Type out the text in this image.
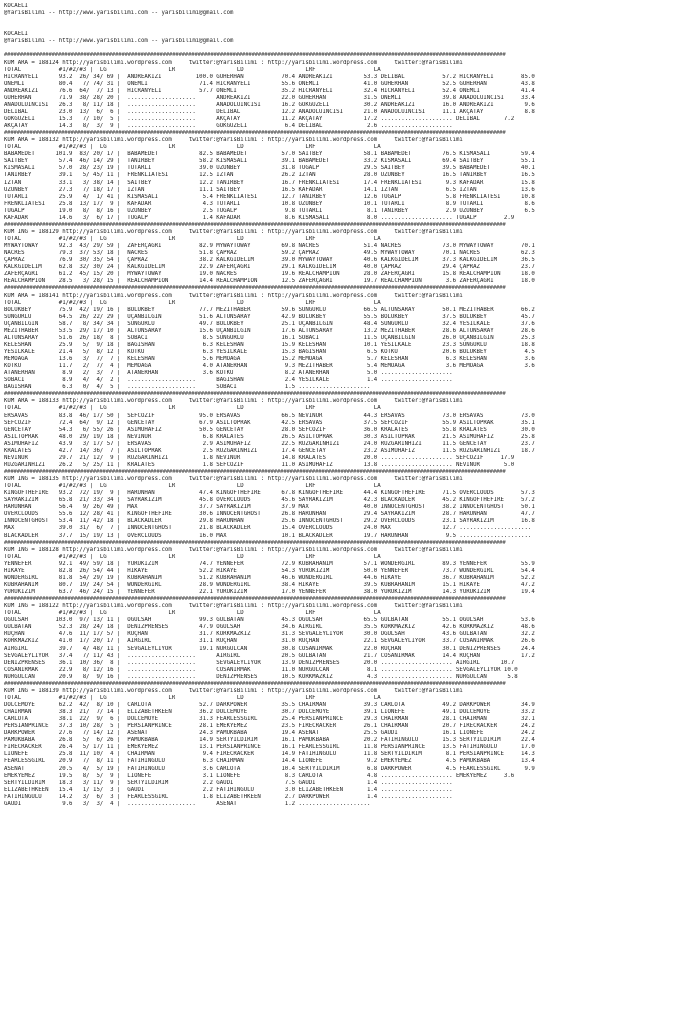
KOCAELI
@YarisBilimi -- http://www.yarisbilimi.com -- yarisbilimi@gmail.com
KOCAELI
@YarisBilimi -- http://www.yarisbilimi.com -- yarisbilimi@gmail.com
##############################################################################################################################################################
KUM ARA = 188124 http://yarisbilimi.wordpress.com     twitter:@YarisBilimi : http://yarisbilimi.wordpress.com     twitter:@YarisBilimi
TOTAL           #1/#2/#3 |  LG                  LR                  LD                  LRF                 LA
HICRANYELI      93.2  26/ 34/ 69 |  ANDREAKIZI          100.0 GÜHERHAN           70.4 ANDREAKIZI         53.3 DELIBAL           57.2 HICRANYELI        85.0
ÖNEMLI          80.4   7/ 74/ 31 |  ÖNEMLI               71.4 HICRANYELI         55.6 ÖNEMLI             41.0 GÜHERHAN          52.5 GÜHERHAN          43.8
ANDREAKIZI      76.6  64/  7/ 13 |  HICRANYELI           57.7 ÖNEMLI             35.2 HICRANYELI         32.4 HICRANYELI        52.4 ÖNEMLI            41.4
GÜHERHAN        71.9  38/ 28/ 20 |  ....................      ANDREAKIZI         22.0 GÜHERHAN           31.5 ÖNEMLI            39.8 ANADOLUINCISI     33.4
ANADOLUINCISI   26.3   8/ 11/ 18 |  ....................      ANADOLUINCISI      16.2 GÖKGÜZELI          30.2 ANDREAKIZI        16.0 ANDREAKIZI         9.6
DELIBAL         23.0  13/  6/  6 |  ....................      DELIBAL            12.2 ANADOLUINCISI      21.0 ANADOLUINCISI     11.1 AKÇATAY            8.8
GÖKGÜZELI       15.3   7/ 10/  5 |  ....................      AKÇATAY            11.2 AKÇATAY            17.2 ..................... DELIBAL       7.2
AKÇATAY         14.3   8/  3/  9 |  ....................      GÖKGÜZELI           6.4 DELIBAL             2.6 .....................
##############################################################################################################################################################
KUM ARA = 188132 http://yarisbilimi.wordpress.com     twitter:@YarisBilimi : http://yarisbilimi.wordpress.com     twitter:@YarisBilimi
TOTAL           #1/#2/#3 |  LG                  LR                  LD                  LRF                 LA
BABAMEDET      101.9  83/ 20/ 17 |  BABAMEDET            82.5 BABAMEDET          57.0 SAITBEY            58.1 BABAMEDET         76.5 KISMASALI         59.4
SAITBEY         57.4  46/ 14/ 29 |  TANIRBEY             58.2 KISMASALI          39.1 BABAMEDET          33.2 KISMASALI         69.4 SAITBEY           55.1
KISMASALI       57.0  28/ 23/ 19 |  TUTARLI              39.0 UZUNBEY            31.8 TUGALP             29.5 SAITBEY           39.5 BABAMEDET         40.1
TANIRBEY        39.1   5/ 45/ 11 |  FRENKLIATESI         12.5 IZTAN              26.2 IZTAN              28.0 UZUNBEY           16.5 TANIRBEY          16.5
IZTAN           33.1   3/ 38/ 14 |  SAITBEY              12.2 TANIRBEY           16.7 FRENKLIATESI       17.4 FRENKLIATESI       9.3 KAFADAR           15.8
UZUNBEY         27.3   7/ 18/ 17 |  IZTAN                11.1 SAITBEY            16.5 KAFADAR            14.1 IZTAN              6.5 IZTAN             13.6
TUTARLI         25.9   4/  1/ 41 |  KISMASALI             5.4 FRENKLIATESI       12.7 TANIRBEY           12.6 TUGALP             5.8 FRENKLIATESI      10.8
FRENKLIATESI    25.8  13/ 17/  9 |  KAFADAR               4.3 TUTARLI            10.8 UZUNBEY            10.1 TUTARLI            8.9 TUTARLI            8.6
TUGALP          19.0   8/  8/ 16 |  UZUNBEY               2.5 TUGALP              9.8 TUTARLI             8.1 TANIRBEY           2.9 UZUNBEY            6.5
KAFADAR         14.6   3/  6/ 17 |  TUGALP                1.4 KAFADAR             8.6 KISMASALI           8.0 ..................... TUGALP        2.9
##############################################################################################################################################################
KUM ING = 188129 http://yarisbilimi.wordpress.com     twitter:@YarisBilimi : http://yarisbilimi.wordpress.com     twitter:@YarisBilimi
TOTAL           #1/#2/#3 |  LG                  LR                  LD                  LRF                 LA
MYWAYTOWAY      92.3  43/ 29/ 59 |  ZAFERÇAGRI           82.9 MYWAYTOWAY         69.8 NACRES             51.4 NACRES            73.0 MYWAYTOWAY        70.1
NACRES          79.3  37/ 53/ 18 |  NACRES               51.8 ÇAPRAZ             59.2 ÇAPRAZ             49.5 MYWAYTOWAY        70.1 NACRES            62.3
ÇAPRAZ          76.9  30/ 35/ 54 |  ÇAPRAZ               38.2 KALKGIDELIM        39.0 MYWAYTOWAY         40.6 KALKGIDELIM       37.3 KALKGIDELIM       36.5
KALKGIDELIM     62.8  32/ 30/ 24 |  KALKGIDELIM          22.9 ZAFERÇAGRI         29.1 KALKGIDELIM        40.0 ÇAPRAZ            29.4 ÇAPRAZ            23.7
ZAFERÇAGRI      61.2  45/ 15/ 20 |  MYWAYTOWAY           19.0 NACRES             19.6 REALCHAMPION       28.0 ZAFERÇAGRI        15.8 REALCHAMPION      18.0
REALCHAMPION    28.5   3/ 28/ 15 |  REALCHAMPION         14.4 REALCHAMPION       12.5 ZAFERÇAGRI         19.7 REALCHAMPION       3.6 ZAFERÇAGRI        18.0
##############################################################################################################################################################
KUM ARA = 188141 http://yarisbilimi.wordpress.com     twitter:@YarisBilimi : http://yarisbilimi.wordpress.com     twitter:@YarisBilimi
TOTAL           #1/#2/#3 |  LG                  LR                  LD                  LRF                 LA
BÖLÜKBEY        75.9  42/ 19/ 16 |  BÖLÜKBEY             77.7 MEZITHABER         59.6 SUNGURLU           66.5 ALTUNSARAY        50.1 MEZITHABER        66.2
SUNGURLU        64.5  26/ 22/ 29 |  UÇANBILGIN           51.6 ALTUNSARAY         42.9 BÖLÜKBEY           55.5 BÖLÜKBEY          37.5 BÖLÜKBEY          45.7
UÇANBILGIN      58.7   8/ 34/ 34 |  SUNGURLU             49.7 BÖLÜKBEY           25.1 UÇANBILGIN         48.4 SUNGURLU          32.4 YESILKALE         37.6
MEZITHABER      53.5  29/ 17/ 10 |  ALTUNSARAY           15.6 UÇANBILGIN         17.6 ALTUNSARAY         13.2 MEZITHABER        28.6 ALTUNSARAY        28.6
ALTUNSARAY      51.6  26/ 18/  8 |  SOBACI                8.5 SUNGURLU           16.1 SOBACI             11.5 UÇANBILGIN        26.0 UÇANBILGIN        25.3
KELESHAN        25.9   5/  9/ 18 |  BAGISHAN              6.3 KELESHAN           15.9 KELESHAN           10.1 YESILKALE         23.3 SUNGURLU          18.8
YESILKALE       21.4   5/  8/ 12 |  KOTKU                 6.3 YESILKALE          15.3 BAGISHAN            6.5 KOTKU             20.6 BÖLÜKBEY           4.5
MEMOAGA         13.6   3/  7/  7 |  KELESHAN              5.6 MEMOAGA            15.2 MEMOAGA             5.7 KELESHAN           6.3 KELESHAN           3.6
KOTKU           11.7   2/  7/  4 |  MEMOAGA               4.0 ATANERHAN           9.3 MEZITHABER          5.4 MEMOAGA            3.6 MEMOAGA            3.6
ATANERHAN        8.9   2/  3/  7 |  ATANERHAN             3.6 KOTKU               8.2 ATANERHAN           5.0 .....................
SOBACI           8.9   4/  4/  2 |  ....................      BAGISHAN            2.4 YESILKALE           1.4 .....................
BAGISHAN         6.3   0/  4/  5 |  ....................      SOBACI              1.5 .....................
##############################################################################################################################################################
KUM ARA = 188133 http://yarisbilimi.wordpress.com     twitter:@YarisBilimi : http://yarisbilimi.wordpress.com     twitter:@YarisBilimi
TOTAL           #1/#2/#3 |  LG                  LR                  LD                  LRF                 LA
ERSAVAS         83.8  46/ 17/ 50 |  SEFCOZIF             95.0 ERSAVAS            66.5 NEVINUR            44.3 ERSAVAS           73.0 ERSAVAS           73.0
SEFCOZIF        72.4  64/  9/ 12 |  GENCETAY             67.9 ASILTOPRAK         42.5 ERSAVAS            37.5 SEFCOZIF          55.9 ASILTOPRAK        35.1
GENCETAY        54.3   6/ 55/ 26 |  ASIMUHAFIZ           50.5 GENCETAY           28.0 SEFCOZIF           36.0 KRALATES          55.8 KRALATES          30.0
ASILTOPRAK      48.0  29/ 19/ 18 |  NEVINUR               6.8 KRALATES           26.5 ASILTOPRAK         30.3 ASILTOPRAK        21.5 ASIMUHAFIZ        25.8
ASIMUHAFIZ      43.9   3/ 17/ 57 |  ERSAVAS               2.9 ASIMUHAFIZ         22.5 RÜZGARINHIZI       24.0 RÜZGARINHIZI      11.5 GENCETAY          23.7
KRALATES        42.7  14/ 36/  7 |  ASILTOPRAK            2.5 RÜZGARINHIZI       17.4 GENCETAY           23.2 ASIMUHAFIZ        11.5 RÜZGARINHIZI      18.7
NEVINUR         29.7  21/ 12/  9 |  RÜZGARINHIZI          1.8 NEVINUR            14.8 KRALATES           20.0 ..................... SEFCOZIF     17.9
RÜZGARINHIZI    26.2   5/ 25/ 11 |  KRALATES              1.8 SEFCOZIF           11.0 ASIMUHAFIZ         13.8 ..................... NEVINUR       5.0
##############################################################################################################################################################
KUM ING = 188135 http://yarisbilimi.wordpress.com     twitter:@YarisBilimi : http://yarisbilimi.wordpress.com     twitter:@YarisBilimi
TOTAL           #1/#2/#3 |  LG                  LR                  LD                  LRF                 LA
KINGOFTHEFIRE   93.2  72/ 19/  9 |  HARUNHAN             47.4 KINGOFTHEFIRE      67.8 KINGOFTHEFIRE      44.4 KINGOFTHEFIRE     71.5 OVERCLOUDS        57.3
SAYRAKIZIM      65.8  21/ 33/ 34 |  SAYRAKIZIM           45.8 OVERCLOUDS         45.6 SAYRAKIZIM         42.3 BLACKADLER        45.2 KINGOFTHEFIRE     57.2
HARUNHAN        56.4   9/ 26/ 49 |  MAX                  37.7 SAYRAKIZIM         37.9 MAX                40.0 INNOCENTGHOST     38.2 INNOCENTGHOST     50.1
OVERCLOUDS      55.6  12/ 28/ 41 |  KINGOFTHEFIRE        30.6 INNOCENTGHOST      26.8 HARUNHAN           29.4 SAYRAKIZIM        28.7 HARUNHAN          47.7
INNOCENTGHOST   53.4  11/ 42/ 18 |  BLACKADLER           29.8 HARUNHAN           25.6 INNOCENTGHOST      29.2 OVERCLOUDS        23.1 SAYRAKIZIM        16.8
MAX             39.0  31/  6/  7 |  INNOCENTGHOST        21.8 BLACKADLER         15.4 OVERCLOUDS         24.0 MAX               12.7 .....................
BLACKADLER      37.7  15/ 19/ 13 |  OVERCLOUDS           16.0 MAX                10.1 BLACKADLER         19.7 HARUNHAN           9.5 .....................
##############################################################################################################################################################
KUM ING = 188128 http://yarisbilimi.wordpress.com     twitter:@YarisBilimi : http://yarisbilimi.wordpress.com     twitter:@YarisBilimi
TOTAL           #1/#2/#3 |  LG                  LR                  LD                  LRF                 LA
YENNEFER        92.1  49/ 59/ 18 |  YÜRÜKIZIM            74.7 YENNEFER           72.9 KÜBRAHANIM         57.1 WONDERGIRL        89.3 YENNEFER          55.9
HIKAYE          82.8  26/ 54/ 44 |  HIKAYE               52.2 HIKAYE             54.3 YÜRÜKIZIM          50.0 YENNEFER          73.7 WONDERGIRL        54.4
WONDERGIRL      81.8  54/ 29/ 19 |  KÜBRAHANIM           51.2 KÜBRAHANIM         46.6 WONDERGIRL         44.6 HIKAYE            36.7 KÜBRAHANIM        52.2
KÜBRAHANIM      80.7  19/ 24/ 54 |  WONDERGIRL           28.9 WONDERGIRL         38.4 HIKAYE             39.5 KÜBRAHANIM        15.1 HIKAYE            47.2
YÜRÜKIZIM       63.7  46/ 24/ 15 |  YENNEFER             22.1 YÜRÜKIZIM          17.0 YENNEFER           38.0 YÜRÜKIZIM         14.3 YÜRÜKIZIM         19.4
##############################################################################################################################################################
KUM ING = 188122 http://yarisbilimi.wordpress.com     twitter:@YarisBilimi : http://yarisbilimi.wordpress.com     twitter:@YarisBilimi
TOTAL           #1/#2/#3 |  LG                  LR                  LD                  LRF                 LA
OGULSAH        103.0  97/ 13/ 11 |  OGULSAH              99.3 GÜLBATAN           45.3 OGULSAH            65.5 GÜLBATAN          55.1 OGULSAH           53.6
GÜLBATAN        52.3  28/ 24/ 18 |  DENIZPRENSES         47.9 OGULSAH            34.6 AIRGIRL            35.5 KORKMAZKIZ        42.6 KORKMAZKIZ        48.6
RÜÇHAN          47.6  11/ 17/ 57 |  RÜÇHAN               31.7 KORKMAZKIZ         31.3 SEVGALEYLIYOR      30.0 OGULSAH           43.6 GÜLBATAN          32.2
KORKMAZKIZ      41.0  17/ 20/ 17 |  AIRGIRL              31.1 RÜÇHAN             31.0 RÜÇHAN             22.1 SEVGALEYLIYOR     33.7 COSANIRMAK        26.6
AIRGIRL         39.7   4/ 48/ 11 |  SEVGALEYLIYOR        19.1 NURGÜLCAN          30.8 COSANIRMAK         22.0 RÜÇHAN            30.1 DENIZPRENSES      24.4
SEVGALEYLIYOR   37.4   7/ 11/ 43 |  ....................      AIRGIRL            20.5 GÜLBATAN           21.7 COSANIRMAK        14.4 RÜÇHAN            17.2
DENIZPRENSES    36.1  10/ 36/  8 |  ....................      SEVGALEYLIYOR      13.9 DENIZPRENSES       20.0 ..................... AIRGIRL      10.7
COSANIRMAK      22.9   8/ 12/ 16 |  ....................      COSANIRMAK         11.0 NURGÜLCAN           8.1 ..................... SEVGALEYLIYOR 10.0
NURGÜLCAN       20.9   8/  9/ 16 |  ....................      DENIZPRENSES       10.5 KORKMAZKIZ          4.3 ..................... NURGÜLCAN      5.8
##############################################################################################################################################################
KUM ING = 188139 http://yarisbilimi.wordpress.com     twitter:@YarisBilimi : http://yarisbilimi.wordpress.com     twitter:@YarisBilimi
TOTAL           #1/#2/#3 |  LG                  LR                  LD                  LRF                 LA
DOLCEMOYE       62.2  42/  8/ 10 |  CARLOTA              52.7 DARKPOWER          35.5 CHAIRMAN           39.3 CARLOTA           49.2 DARKPOWER         34.9
CHAIRMAN        38.3  21/  7/ 14 |  ELIZABETHKEEN        36.2 DOLCEMOYE          30.7 DOLCEMOYE          39.1 LIONEFE           49.1 DOLCEMOYE         33.2
CARLOTA         38.1  22/  9/  6 |  DOLCEMOYE            31.3 FEARLESSGIRL       25.4 PERSIANPRINCE      29.3 CHAIRMAN          28.1 CHAIRMAN          32.1
PERSIANPRINCE   37.3  10/ 28/  5 |  PERSIANPRINCE        28.1 EMEKYEMEZ          23.5 FIRECRACKER        26.1 CHAIRMAN          20.7 FIRECRACKER       24.2
DARKPOWER       27.6   7/ 14/ 12 |  ASENAT               24.3 PAMUKBABA          19.4 ASENAT             25.5 GAUDI             16.1 LIONEFE           24.2
PAMUKBABA       26.8   5/  6/ 26 |  PAMUKBABA            14.9 SERTYILDIRIM       16.1 PAMUKBABA          20.2 FATIHINGÜLÜ       15.3 SERTYILDIRIM      22.4
FIRECRACKER     26.4   5/ 17/ 11 |  EMEKYEMEZ            13.1 PERSIANPRINCE      16.1 FEARLESSGIRL       11.8 PERSIANPRINCE     13.5 FATIHINGÜLÜ       17.0
LIONEFE         25.8  11/ 10/  4 |  CHAIRMAN              9.4 FIRECRACKER        14.9 FATIHINGÜLÜ        11.8 SERTYILDIRIM       8.1 PERSIANPRINCE     14.3
FEARLESSGIRL    20.9   7/  8/ 11 |  FATIHINGÜLÜ           6.3 CHAIRMAN           14.4 LIONEFE             9.2 EMEKYEMEZ          4.5 PAMUKBABA         13.4
ASENAT          20.5   4/  5/ 19 |  FATIHINGÜLÜ           3.6 CARLOTA            10.4 SERTYILDIRIM        6.8 DARKPOWER          4.5 FEARLESSGIRL       9.9
EMEKYEMEZ       19.5   8/  5/  9 |  LIONEFE               3.1 LIONEFE             8.3 CARLOTA             4.8 ..................... EMEKYEMEZ     3.6
SERTYILDIRIM    18.3   3/ 11/  9 |  SERTYILDIRIM          2.2 GAUDI               7.5 GAUDI               1.4 .....................
ELIZABETHKEEN   15.4   1/ 15/  3 |  GAUDI                 2.2 FATIHINGÜLÜ         3.0 ELIZABETHKEEN       1.4 .....................
FATIHINGÜLÜ     14.2   3/  6/  3 |  FEARLESSGIRL          1.8 ELIZABETHKEEN       2.7 DARKPOWER           1.4 .....................
GAUDI            9.6   3/  3/  4 |  ....................      ASENAT              1.2 .....................
